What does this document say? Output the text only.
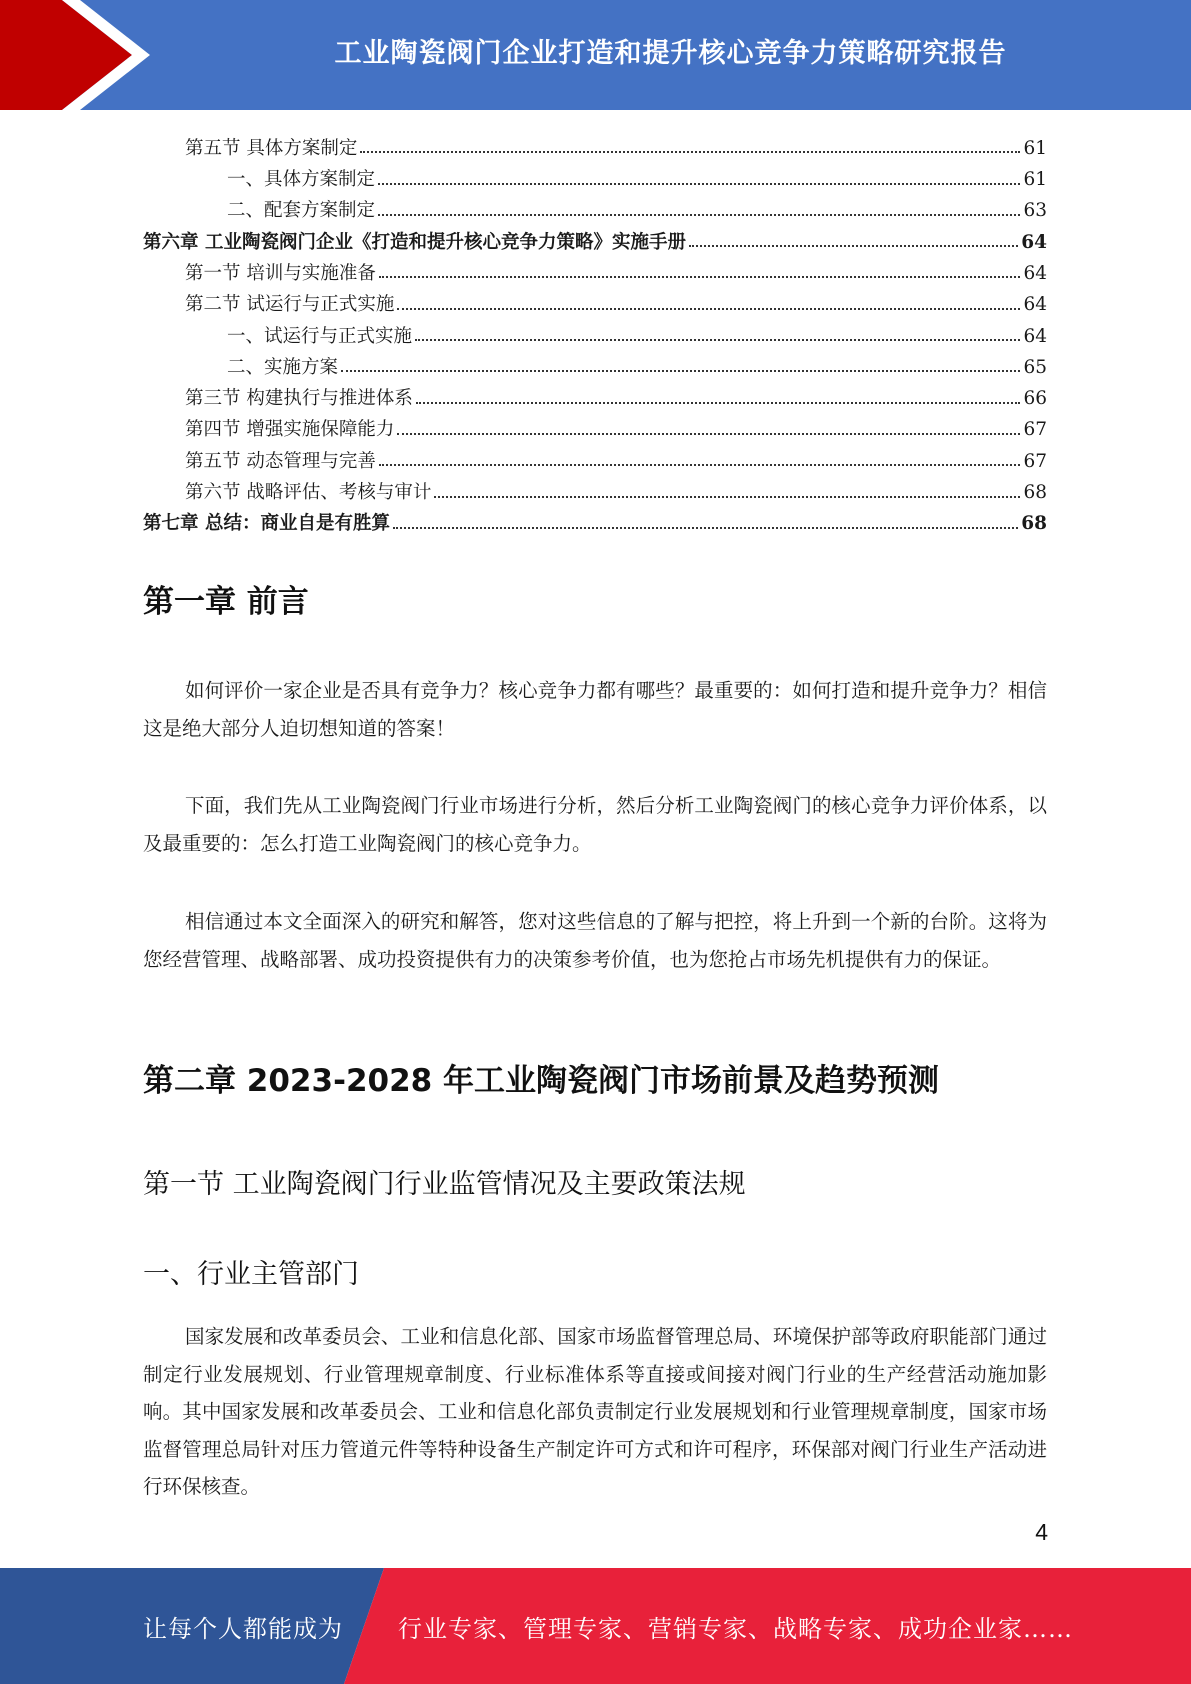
工业陶瓷阀门企业打造和提升核心竞争力策略研究报告
第五节 具体方案制定	61
一、具体方案制定	61
二、配套方案制定	63
第六章 工业陶瓷阀门企业《打造和提升核心竞争力策略》实施手册	64
第一节 培训与实施准备	64
第二节 试运行与正式实施	64
一、试运行与正式实施	64
二、实施方案	65
第三节 构建执行与推进体系	66
第四节 增强实施保障能力	67
第五节 动态管理与完善	67
第六节 战略评估、考核与审计	68
第七章 总结：商业自是有胜算	68
第一章 前言

如何评价一家企业是否具有竞争力？核心竞争力都有哪些？最重要的：如何打造和提升竞争力？相信这是绝大部分人迫切想知道的答案！

下面，我们先从工业陶瓷阀门行业市场进行分析，然后分析工业陶瓷阀门的核心竞争力评价体系，以及最重要的：怎么打造工业陶瓷阀门的核心竞争力。

相信通过本文全面深入的研究和解答，您对这些信息的了解与把控，将上升到一个新的台阶。这将为您经营管理、战略部署、成功投资提供有力的决策参考价值，也为您抢占市场先机提供有力的保证。

第二章 2023-2028 年工业陶瓷阀门市场前景及趋势预测
第一节 工业陶瓷阀门行业监管情况及主要政策法规
一、行业主管部门

国家发展和改革委员会、工业和信息化部、国家市场监督管理总局、环境保护部等政府职能部门通过制定行业发展规划、行业管理规章制度、行业标准体系等直接或间接对阀门行业的生产经营活动施加影响。其中国家发展和改革委员会、工业和信息化部负责制定行业发展规划和行业管理规章制度，国家市场监督管理总局针对压力管道元件等特种设备生产制定许可方式和许可程序，环保部对阀门行业生产活动进行环保核查。

4
让每个人都能成为 行业专家、管理专家、营销专家、战略专家、成功企业家……
